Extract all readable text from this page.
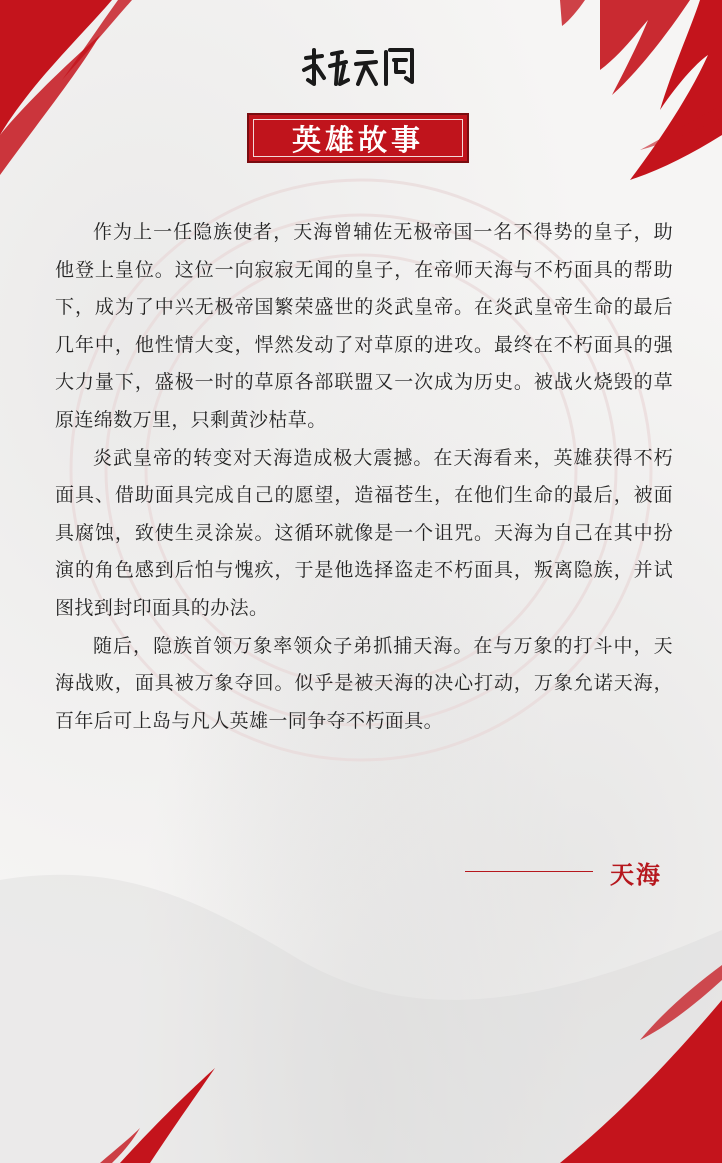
英雄故事

作为上一任隐族使者，天海曾辅佐无极帝国一名不得势的皇子，助他登上皇位。这位一向寂寂无闻的皇子，在帝师天海与不朽面具的帮助下，成为了中兴无极帝国繁荣盛世的炎武皇帝。在炎武皇帝生命的最后几年中，他性情大变，悍然发动了对草原的进攻。最终在不朽面具的强大力量下，盛极一时的草原各部联盟又一次成为历史。被战火烧毁的草原连绵数万里，只剩黄沙枯草。

炎武皇帝的转变对天海造成极大震撼。在天海看来，英雄获得不朽面具、借助面具完成自己的愿望，造福苍生，在他们生命的最后，被面具腐蚀，致使生灵涂炭。这循环就像是一个诅咒。天海为自己在其中扮演的角色感到后怕与愧疚，于是他选择盗走不朽面具，叛离隐族，并试图找到封印面具的办法。

随后，隐族首领万象率领众子弟抓捕天海。在与万象的打斗中，天海战败，面具被万象夺回。似乎是被天海的决心打动，万象允诺天海，百年后可上岛与凡人英雄一同争夺不朽面具。

天海
